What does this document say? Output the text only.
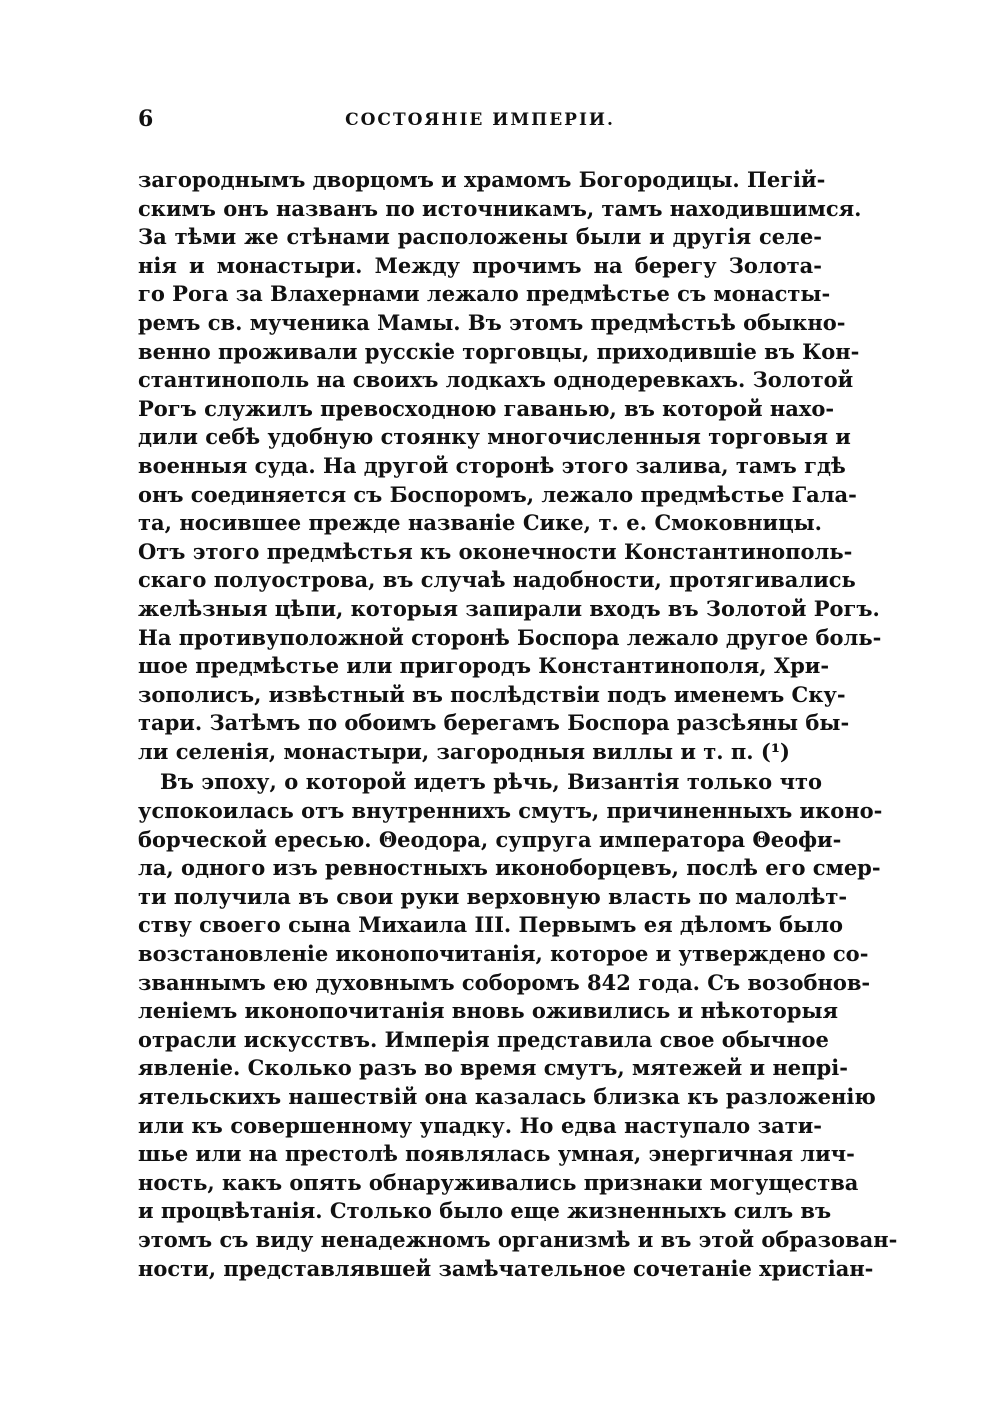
6	СОСТОЯНІЕ ИМПЕРІИ.
загороднымъ дворцомъ и храмомъ Богородицы. Пегій-
скимъ онъ названъ по источникамъ, тамъ находившимся.
За тѣми же стѣнами расположены были и другія селе-
нія и монастыри. Между прочимъ на берегу Золота-
го Рога за Влахернами лежало предмѣстье съ монасты-
ремъ св. мученика Мамы. Въ этомъ предмѣстьѣ обыкно-
венно проживали русскіе торговцы, приходившіе въ Кон-
стантинополь на своихъ лодкахъ однодеревкахъ. Золотой
Рогъ служилъ превосходною гаванью, въ которой нахо-
дили себѣ удобную стоянку многочисленныя торговыя и
военныя суда. На другой сторонѣ этого залива, тамъ гдѣ
онъ соединяется съ Боспоромъ, лежало предмѣстье Гала-
та, носившее прежде названіе Сике, т. е. Смоковницы.
Отъ этого предмѣстья къ оконечности Константинополь-
скаго полуострова, въ случаѣ надобности, протягивались
желѣзныя цѣпи, которыя запирали входъ въ Золотой Рогъ.
На противуположной сторонѣ Боспора лежало другое боль-
шое предмѣстье или пригородъ Константинополя, Хри-
зополисъ, извѣстный въ послѣдствіи подъ именемъ Ску-
тари. Затѣмъ по обоимъ берегамъ Боспора разсѣяны бы-
ли селенія, монастыри, загородныя виллы и т. п. (¹)
Въ эпоху, о которой идетъ рѣчь, Византія только что
успокоилась отъ внутреннихъ смутъ, причиненныхъ иконо-
борческой ересью. Θеодора, супруга императора Θеофи-
ла, одного изъ ревностныхъ иконоборцевъ, послѣ его смер-
ти получила въ свои руки верховную власть по малолѣт-
ству своего сына Михаила III. Первымъ ея дѣломъ было
возстановленіе иконопочитанія, которое и утверждено со-
званнымъ ею духовнымъ соборомъ 842 года. Съ возобнов-
леніемъ иконопочитанія вновь оживились и нѣкоторыя
отрасли искусствъ. Имперія представила свое обычное
явленіе. Сколько разъ во время смутъ, мятежей и непрі-
ятельскихъ нашествій она казалась близка къ разложенію
или къ совершенному упадку. Но едва наступало зати-
шье или на престолѣ появлялась умная, энергичная лич-
ность, какъ опять обнаруживались признаки могущества
и процвѣтанія. Столько было еще жизненныхъ силъ въ
этомъ съ виду ненадежномъ организмѣ и въ этой образован-
ности, представлявшей замѣчательное сочетаніе христіан-
